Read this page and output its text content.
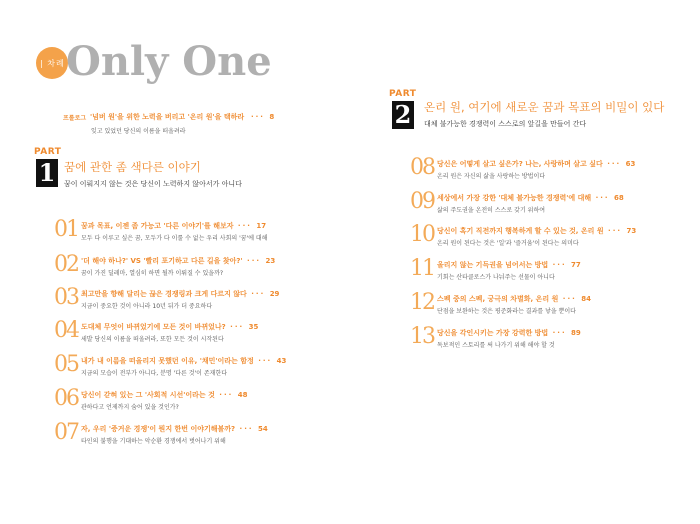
| 차례 |
Only One
프롤로그 '넘버 원'을 위한 노력을 버리고 '온리 원'을 택하라  ··· 8
잊고 있었던 당신의 이름을 떠올려라
PART
1 꿈에 관한 좀 색다른 이야기
꿈이 이뤄지지 않는 것은 당신이 노력하지 않아서가 아니다
01 꿈과 목표, 이젠 좀 가능고 '다른 이야기'를 해보자 ··· 17
모두 다 이루고 싶은 꿈, 모두가 다 이룰 수 없는 우리 사회의 '꿈'에 대해
02 '더 해야 하나?' VS '빨리 포기하고 다른 길을 찾아?' ··· 23
꿈이 가진 딜레마, 열심히 하면 될까 이뤄질 수 있을까?
03 최고만을 향해 달리는 끊은 경쟁링과 크게 다르지 않다 ··· 29
지금이 중요한 것이 아니라 10년 뒤가 더 중요하다
04 도대체 무엇이 바뀌었기에 모든 것이 바뀌었나? ··· 35
세발 당신의 이름을 떠올려라, 또한 모든 것이 시작된다
05 내가 내 이름을 떠올리지 못했던 이유, '채민'이라는 함정 ··· 43
지금의 모습이 전부가 아니다, 분명 '다른 것'이 존재한다
06 당신이 갇혀 있는 그 '사회적 시선'이라는 것 ··· 48
관하다고 언제까지 숨어 있을 것인가?
07 자, 우리 '증거운 경쟁'이 뭔지 한번 이야기해볼까? ··· 54
타인의 불행을 기대하는 악순환 경쟁에서 벗어나기 위해
PART
2 온리 원, 여기에 새로운 꿈과 목표의 비밀이 있다
대체 불가능한 경쟁력이 스스로의 앞길을 만들어 간다
08 당신은 어떻게 살고 싶은가? 나는, 사랑하며 살고 싶다 ··· 63
온리 원은 자신의 삶을 사랑하는 방법이다
09 세상에서 가장 강한 '대체 불가능한 경쟁력'에 대해 ··· 68
삶의 주도권을 온전히 스스로 갖기 위하여
10 당신이 혹기 직전까지 행복하게 할 수 있는 것, 온리 원 ··· 73
온리 원이 된다는 것은 '일'과 '즐거움'이 된다는 의미다
11 올리지 않는 기득권을 넘어서는 방법 ··· 77
기회는 산타클로스가 나눠주는 선물이 아니다
12 스펙 중의 스펙, 궁극의 차별화, 온리 원 ··· 84
단점을 보완하는 것은 평준화라는 결과를 낳을 뿐이다
13 당신을 각인시키는 가장 강력한 방법 ··· 89
독보적인 스토리를 써 나가기 위해 해야 할 것
